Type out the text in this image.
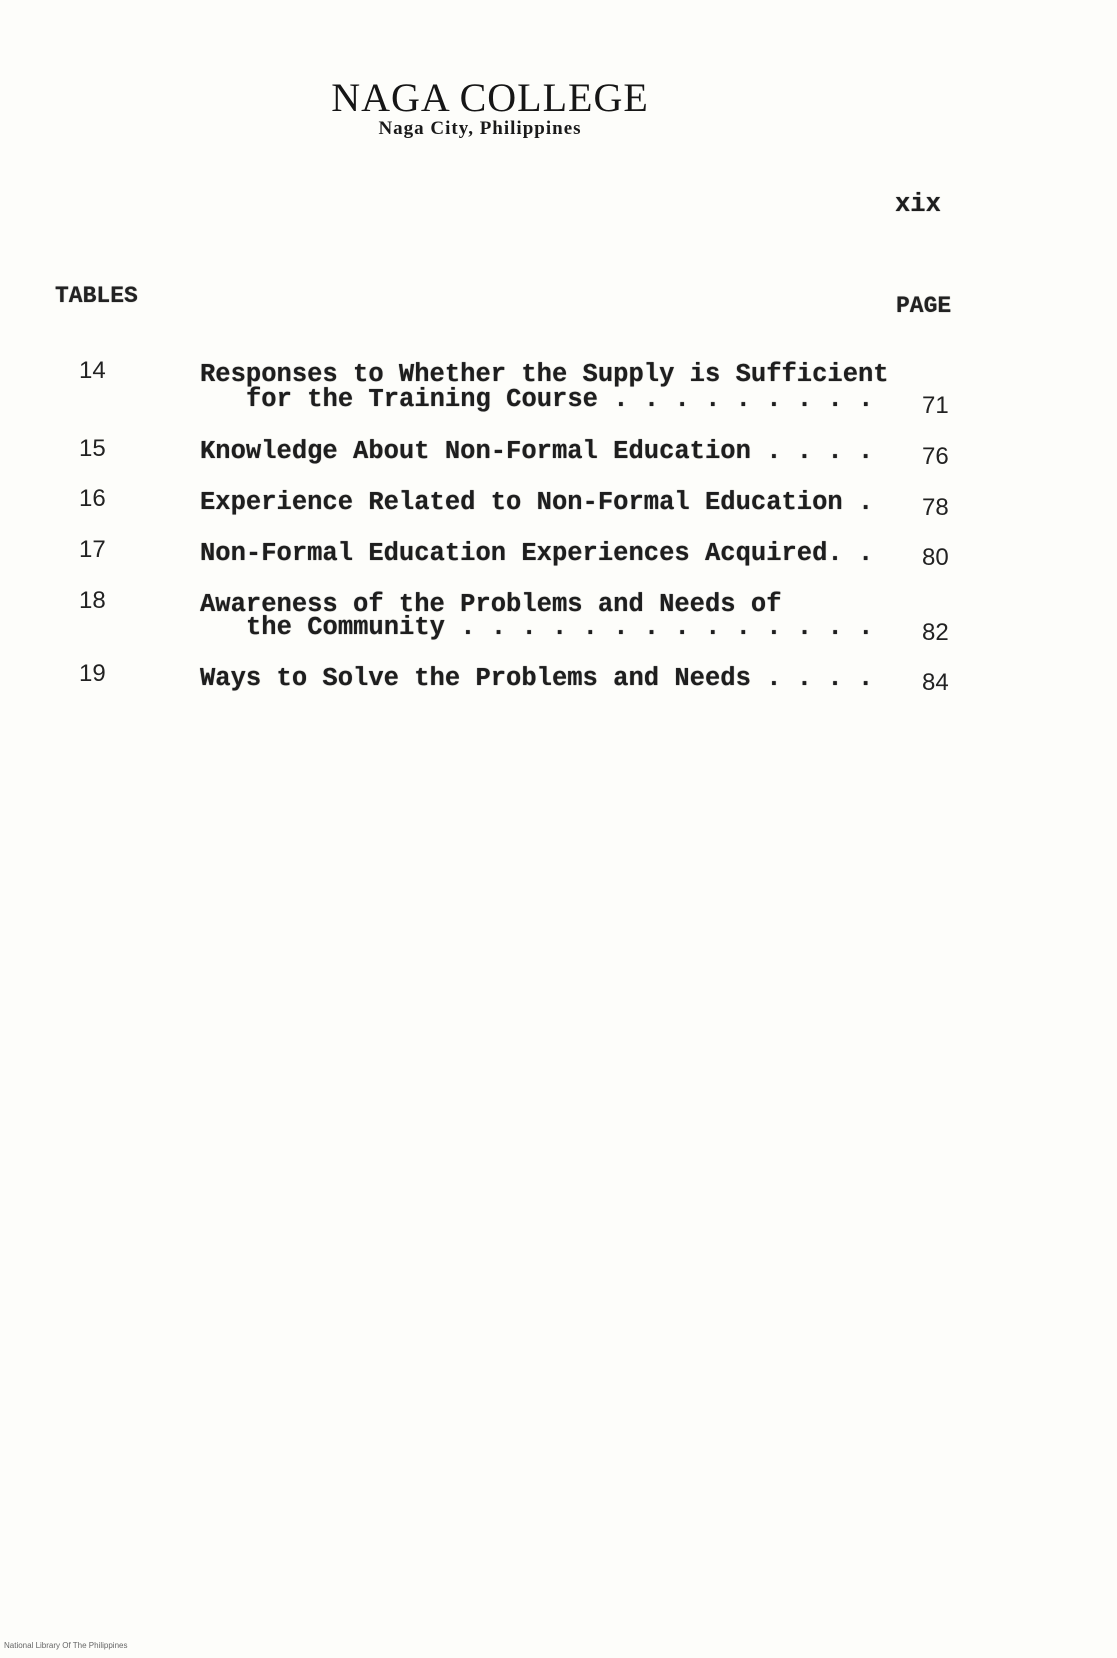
NAGA COLLEGE
Naga City, Philippines
xix
TABLES	PAGE
14	Responses to Whether the Supply is Sufficient
for the Training Course . . . . . . . . . 71
15	Knowledge About Non-Formal Education . . . . 76
16	Experience Related to Non-Formal Education . 78
17	Non-Formal Education Experiences Acquired. . 80
18	Awareness of the Problems and Needs of
the Community . . . . . . . . . . . . . . 82
19	Ways to Solve the Problems and Needs . . . . 84
National Library Of The Philippines
